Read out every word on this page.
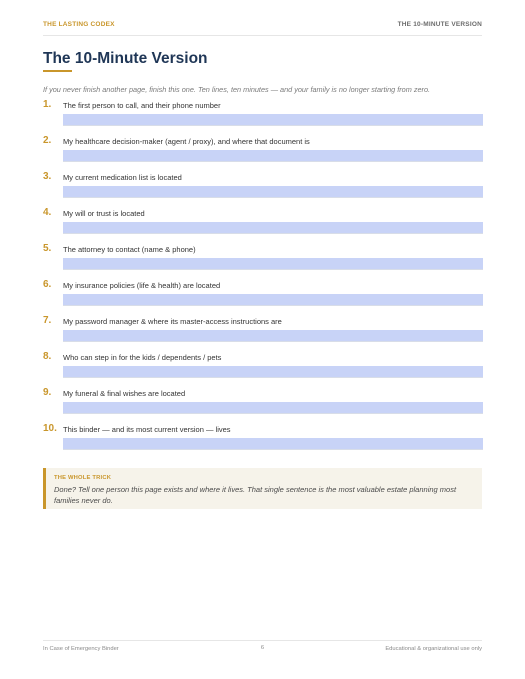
THE LASTING CODEX	THE 10-MINUTE VERSION
The 10-Minute Version
If you never finish another page, finish this one. Ten lines, ten minutes — and your family is no longer starting from zero.
1. The first person to call, and their phone number
2. My healthcare decision-maker (agent / proxy), and where that document is
3. My current medication list is located
4. My will or trust is located
5. The attorney to contact (name & phone)
6. My insurance policies (life & health) are located
7. My password manager & where its master-access instructions are
8. Who can step in for the kids / dependents / pets
9. My funeral & final wishes are located
10. This binder — and its most current version — lives
THE WHOLE TRICK
Done? Tell one person this page exists and where it lives. That single sentence is the most valuable estate planning most families never do.
In Case of Emergency Binder	6	Educational & organizational use only
